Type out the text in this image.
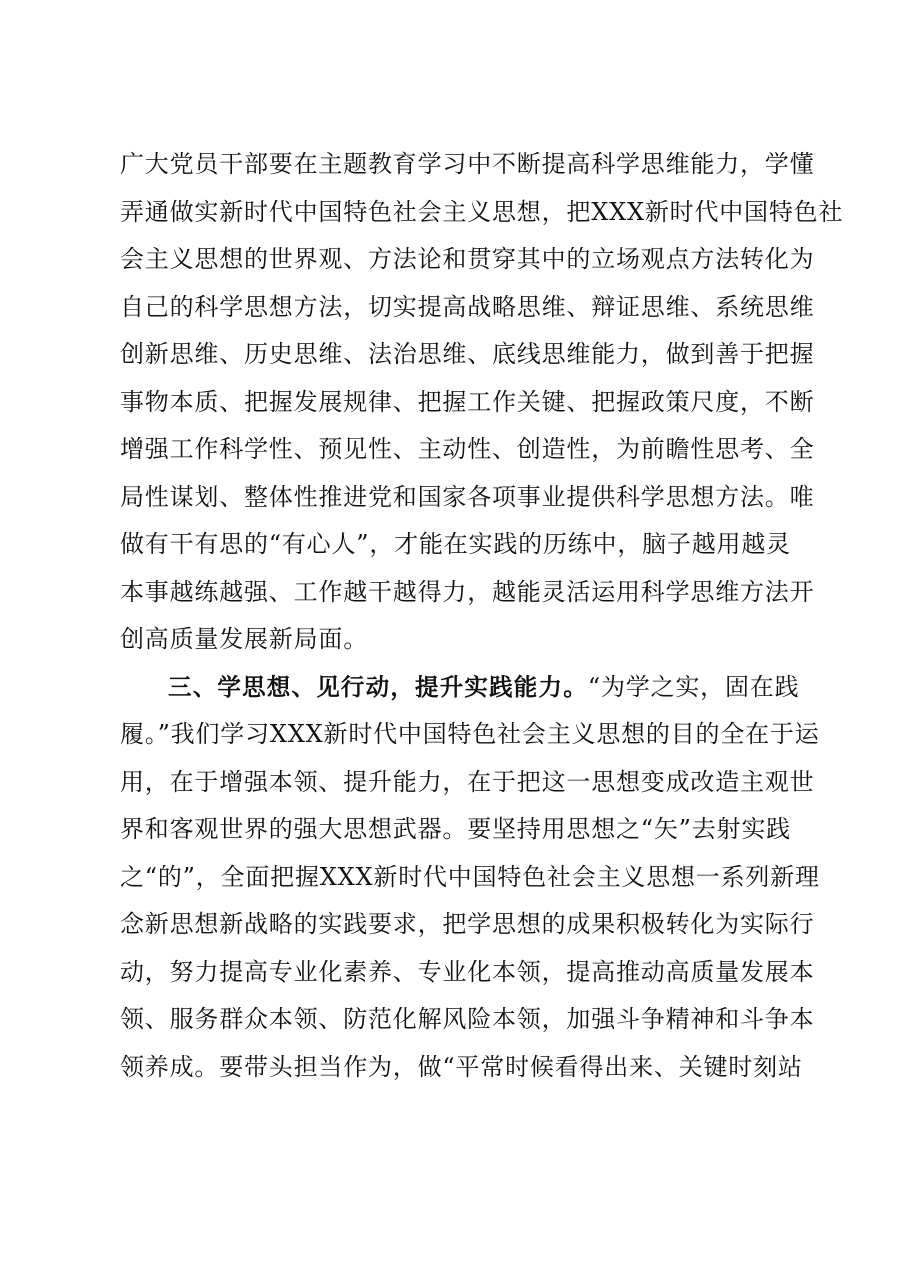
广大党员干部要在主题教育学习中不断提高科学思维能力，学懂
弄通做实新时代中国特色社会主义思想，把XXX新时代中国特色社
会主义思想的世界观、方法论和贯穿其中的立场观点方法转化为
自己的科学思想方法，切实提高战略思维、辩证思维、系统思维
创新思维、历史思维、法治思维、底线思维能力，做到善于把握
事物本质、把握发展规律、把握工作关键、把握政策尺度，不断
增强工作科学性、预见性、主动性、创造性，为前瞻性思考、全
局性谋划、整体性推进党和国家各项事业提供科学思想方法。唯
做有干有思的“有心人”，才能在实践的历练中，脑子越用越灵
本事越练越强、工作越干越得力，越能灵活运用科学思维方法开
创高质量发展新局面。
三、学思想、见行动，提升实践能力。“为学之实，固在践
履。”我们学习XXX新时代中国特色社会主义思想的目的全在于运
用，在于增强本领、提升能力，在于把这一思想变成改造主观世
界和客观世界的强大思想武器。要坚持用思想之“矢”去射实践
之“的”，全面把握XXX新时代中国特色社会主义思想一系列新理
念新思想新战略的实践要求，把学思想的成果积极转化为实际行
动，努力提高专业化素养、专业化本领，提高推动高质量发展本
领、服务群众本领、防范化解风险本领，加强斗争精神和斗争本
领养成。要带头担当作为，做“平常时候看得出来、关键时刻站
